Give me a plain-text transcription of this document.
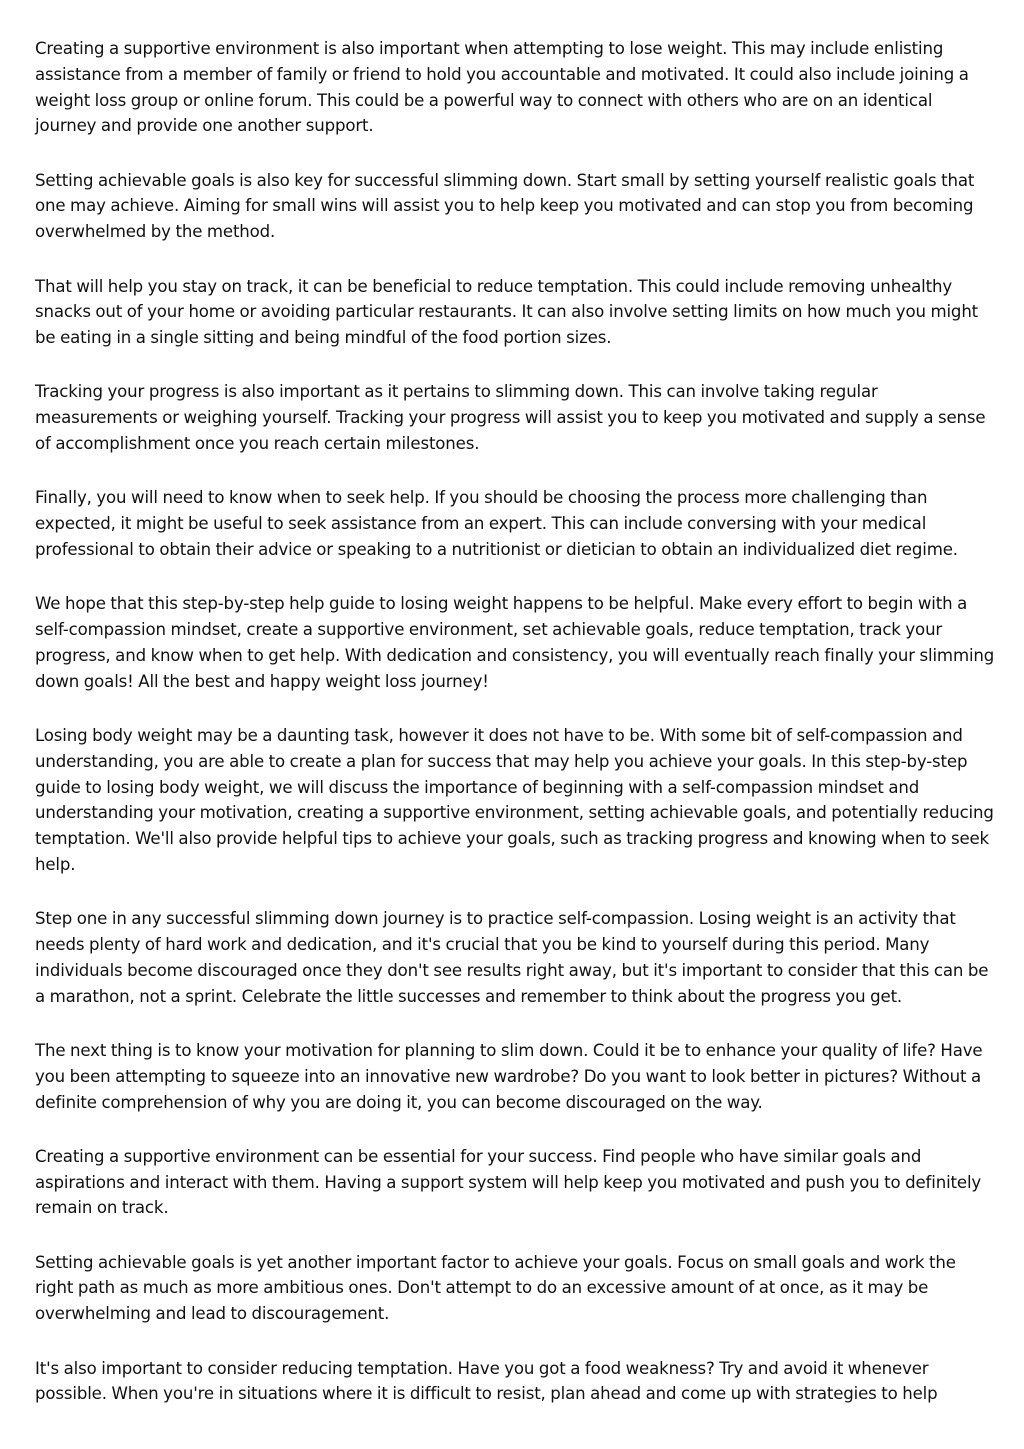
Creating a supportive environment is also important when attempting to lose weight. This may include enlisting assistance from a member of family or friend to hold you accountable and motivated. It could also include joining a weight loss group or online forum. This could be a powerful way to connect with others who are on an identical journey and provide one another support.

Setting achievable goals is also key for successful slimming down. Start small by setting yourself realistic goals that one may achieve. Aiming for small wins will assist you to help keep you motivated and can stop you from becoming overwhelmed by the method.

That will help you stay on track, it can be beneficial to reduce temptation. This could include removing unhealthy snacks out of your home or avoiding particular restaurants. It can also involve setting limits on how much you might be eating in a single sitting and being mindful of the food portion sizes.

Tracking your progress is also important as it pertains to slimming down. This can involve taking regular measurements or weighing yourself. Tracking your progress will assist you to keep you motivated and supply a sense of accomplishment once you reach certain milestones.

Finally, you will need to know when to seek help. If you should be choosing the process more challenging than expected, it might be useful to seek assistance from an expert. This can include conversing with your medical professional to obtain their advice or speaking to a nutritionist or dietician to obtain an individualized diet regime.

We hope that this step-by-step help guide to losing weight happens to be helpful. Make every effort to begin with a self-compassion mindset, create a supportive environment, set achievable goals, reduce temptation, track your progress, and know when to get help. With dedication and consistency, you will eventually reach finally your slimming down goals! All the best and happy weight loss journey!

Losing body weight may be a daunting task, however it does not have to be. With some bit of self-compassion and understanding, you are able to create a plan for success that may help you achieve your goals. In this step-by-step guide to losing body weight, we will discuss the importance of beginning with a self-compassion mindset and understanding your motivation, creating a supportive environment, setting achievable goals, and potentially reducing temptation. We'll also provide helpful tips to achieve your goals, such as tracking progress and knowing when to seek help.

Step one in any successful slimming down journey is to practice self-compassion. Losing weight is an activity that needs plenty of hard work and dedication, and it's crucial that you be kind to yourself during this period. Many individuals become discouraged once they don't see results right away, but it's important to consider that this can be a marathon, not a sprint. Celebrate the little successes and remember to think about the progress you get.

The next thing is to know your motivation for planning to slim down. Could it be to enhance your quality of life? Have you been attempting to squeeze into an innovative new wardrobe? Do you want to look better in pictures? Without a definite comprehension of why you are doing it, you can become discouraged on the way.

Creating a supportive environment can be essential for your success. Find people who have similar goals and aspirations and interact with them. Having a support system will help keep you motivated and push you to definitely remain on track.

Setting achievable goals is yet another important factor to achieve your goals. Focus on small goals and work the right path as much as more ambitious ones. Don't attempt to do an excessive amount of at once, as it may be overwhelming and lead to discouragement.

It's also important to consider reducing temptation. Have you got a food weakness? Try and avoid it whenever possible. When you're in situations where it is difficult to resist, plan ahead and come up with strategies to help
